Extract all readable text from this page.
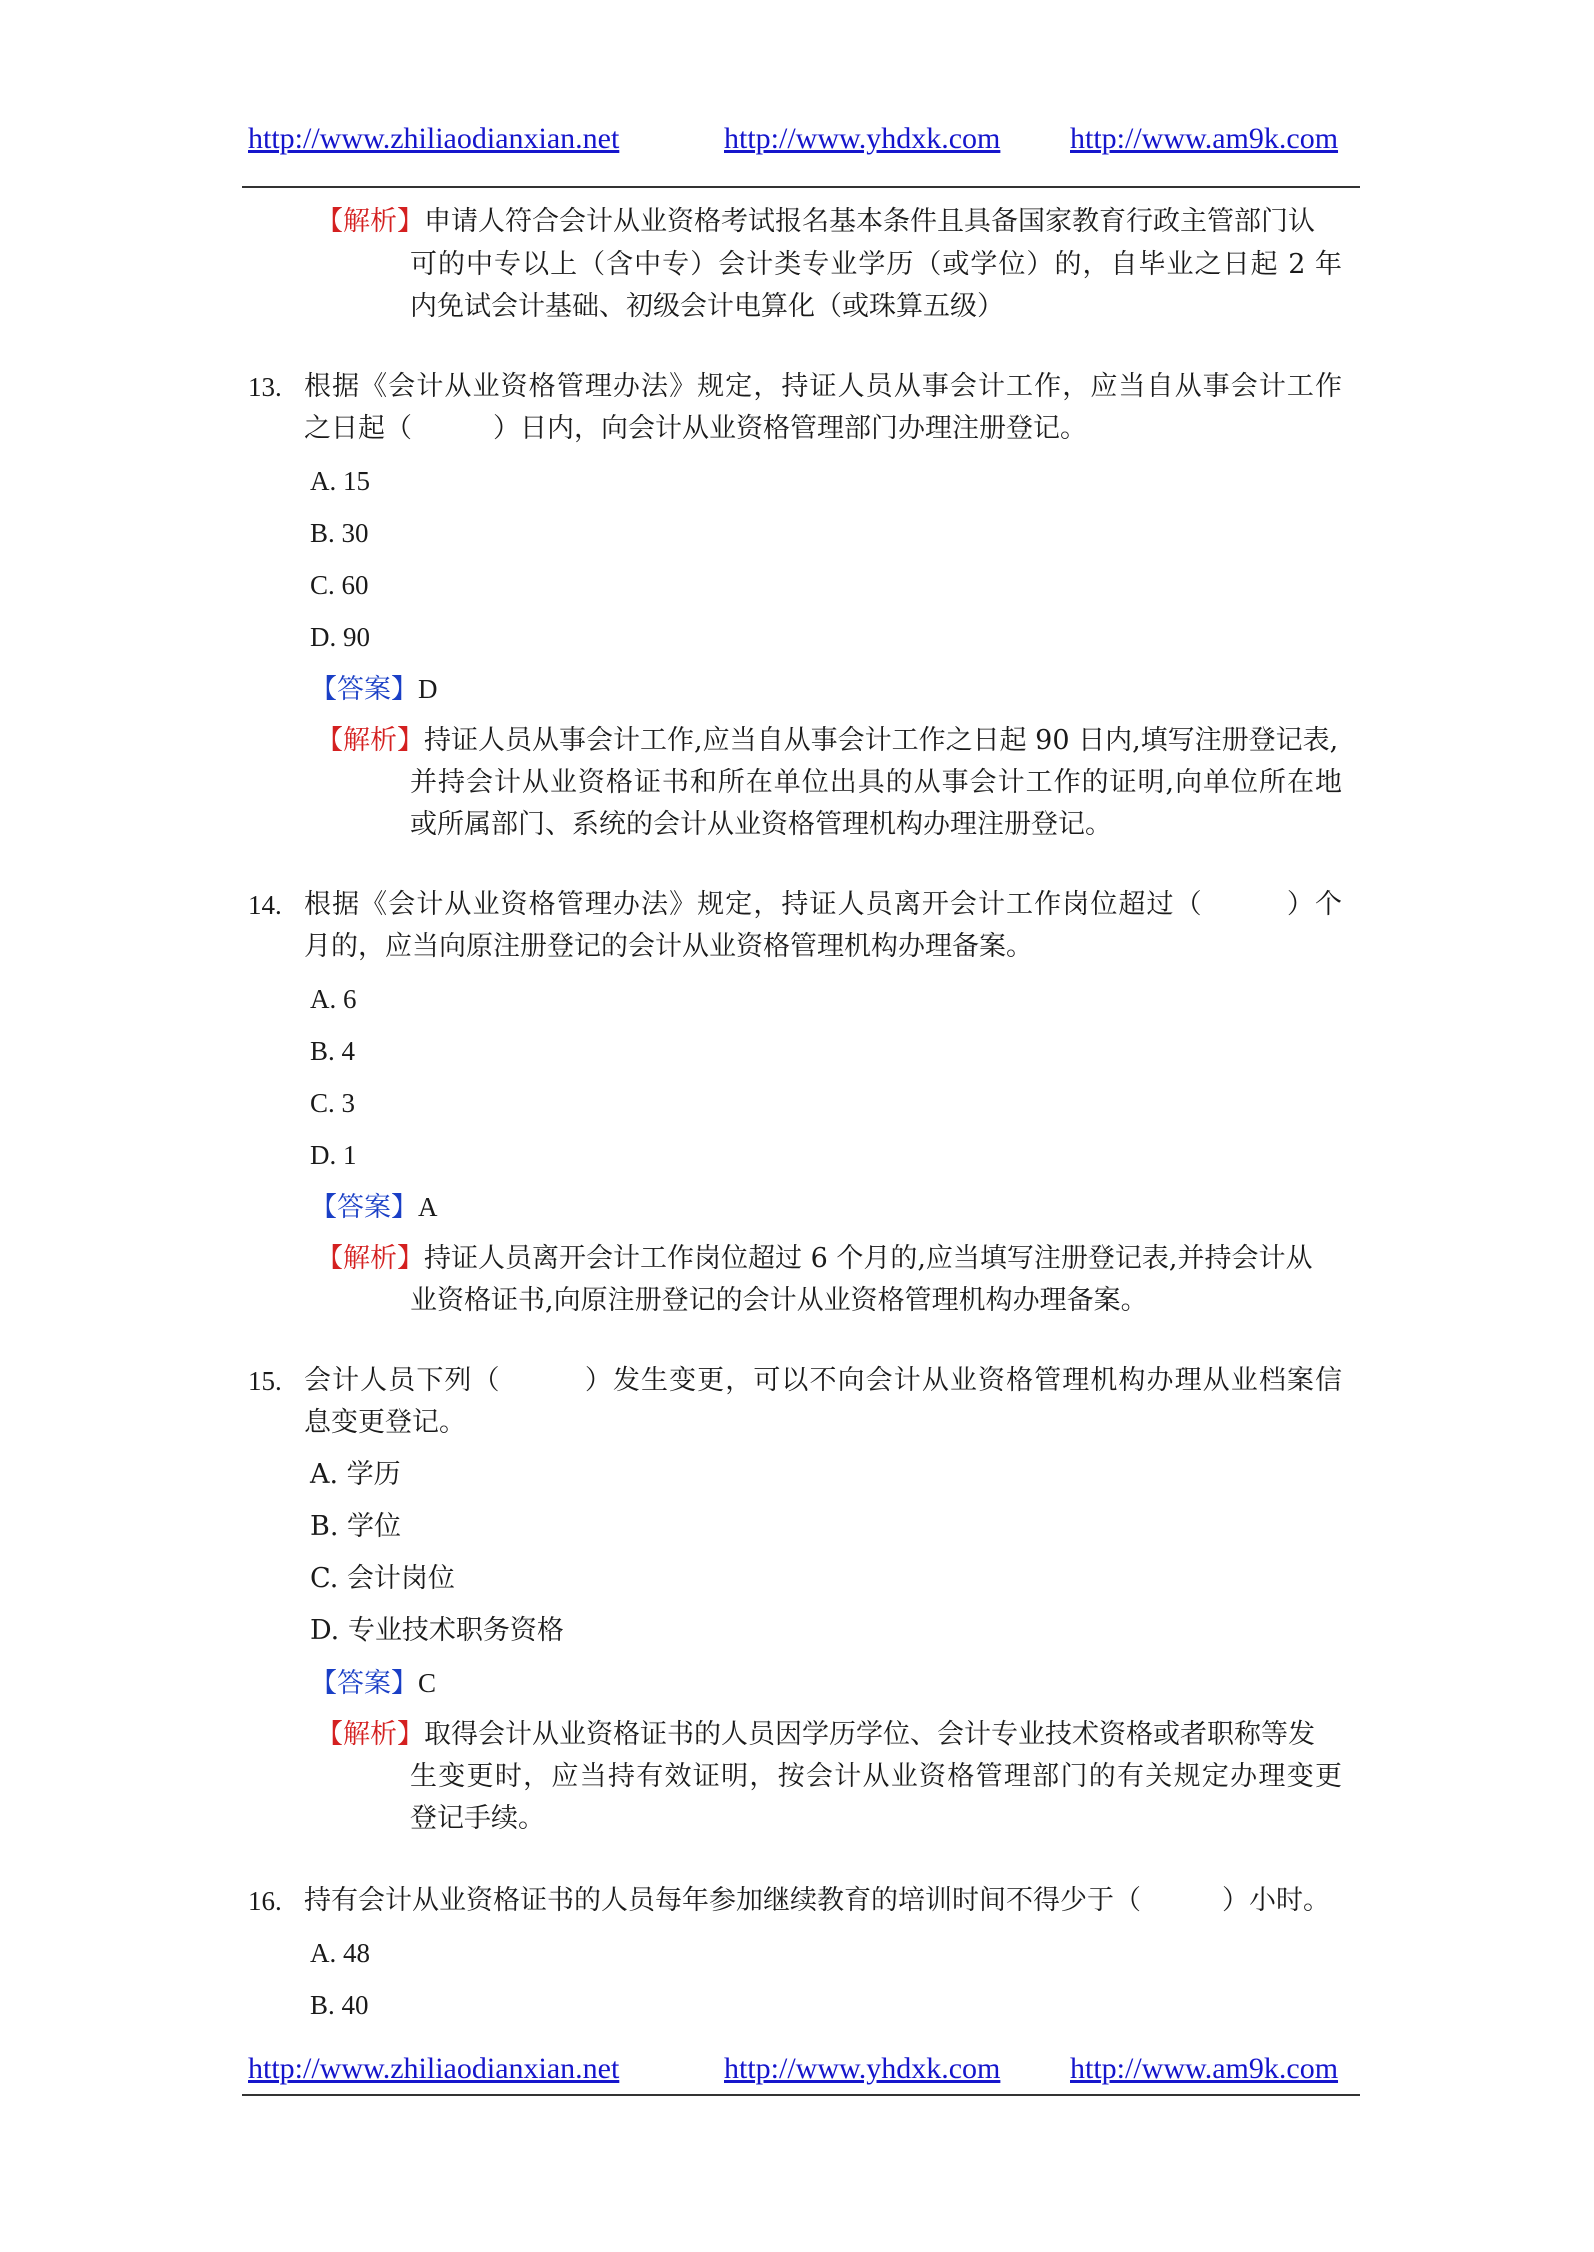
http://www.zhiliaodianxian.net	http://www.yhdxk.com http://www.am9k.com
【解析】申请人符合会计从业资格考试报名基本条件且具备国家教育行政主管部门认
可的中专以上（含中专）会计类专业学历（或学位）的，自毕业之日起 2 年
内免试会计基础、初级会计电算化（或珠算五级）
13. 根据《会计从业资格管理办法》规定，持证人员从事会计工作，应当自从事会计工作
之日起（　　　）日内，向会计从业资格管理部门办理注册登记。
A. 15
B. 30
C. 60
D. 90
【答案】D
【解析】持证人员从事会计工作,应当自从事会计工作之日起 90 日内,填写注册登记表,
并持会计从业资格证书和所在单位出具的从事会计工作的证明,向单位所在地
或所属部门、系统的会计从业资格管理机构办理注册登记。
14. 根据《会计从业资格管理办法》规定，持证人员离开会计工作岗位超过（　　　）个
月的，应当向原注册登记的会计从业资格管理机构办理备案。
A. 6
B. 4
C. 3
D. 1
【答案】A
【解析】持证人员离开会计工作岗位超过 6 个月的,应当填写注册登记表,并持会计从
业资格证书,向原注册登记的会计从业资格管理机构办理备案。
15. 会计人员下列（　　　）发生变更，可以不向会计从业资格管理机构办理从业档案信
息变更登记。
A. 学历
B. 学位
C. 会计岗位
D. 专业技术职务资格
【答案】C
【解析】取得会计从业资格证书的人员因学历学位、会计专业技术资格或者职称等发
生变更时，应当持有效证明，按会计从业资格管理部门的有关规定办理变更
登记手续。
16. 持有会计从业资格证书的人员每年参加继续教育的培训时间不得少于（　　　）小时。
A. 48
B. 40
http://www.zhiliaodianxian.net	http://www.yhdxk.com http://www.am9k.com
